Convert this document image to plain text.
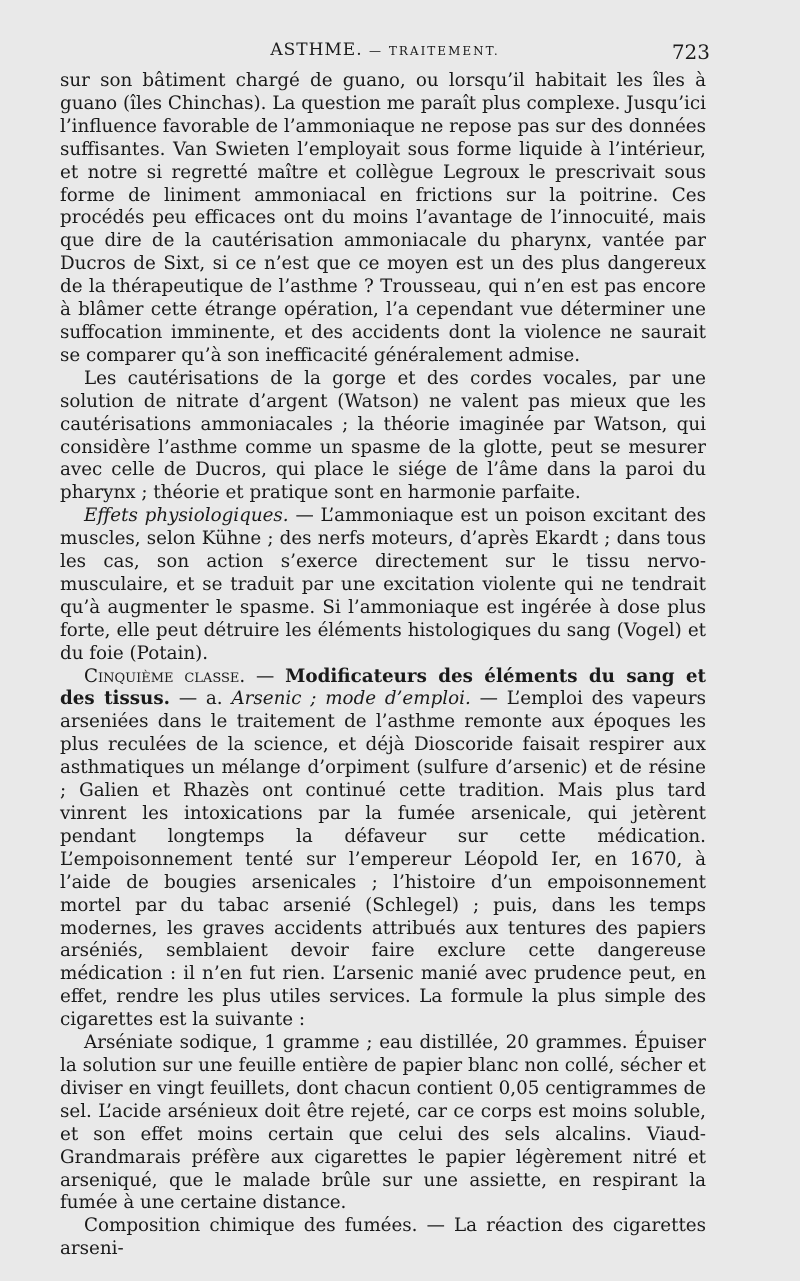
ASTHME. — TRAITEMENT.	723

sur son bâtiment chargé de guano, ou lorsqu’il habitait les îles à guano (îles Chinchas). La question me paraît plus complexe. Jusqu’ici l’influence favorable de l’ammoniaque ne repose pas sur des données suffisantes. Van Swieten l’employait sous forme liquide à l’intérieur, et notre si regretté maître et collègue Legroux le prescrivait sous forme de liniment ammoniacal en frictions sur la poitrine. Ces procédés peu efficaces ont du moins l’avantage de l’innocuité, mais que dire de la cautérisation ammoniacale du pharynx, vantée par Ducros de Sixt, si ce n’est que ce moyen est un des plus dangereux de la thérapeutique de l’asthme ? Trousseau, qui n’en est pas encore à blâmer cette étrange opération, l’a cependant vue déterminer une suffocation imminente, et des accidents dont la violence ne saurait se comparer qu’à son inefficacité généralement admise.

Les cautérisations de la gorge et des cordes vocales, par une solution de nitrate d’argent (Watson) ne valent pas mieux que les cautérisations ammoniacales ; la théorie imaginée par Watson, qui considère l’asthme comme un spasme de la glotte, peut se mesurer avec celle de Ducros, qui place le siége de l’âme dans la paroi du pharynx ; théorie et pratique sont en harmonie parfaite.

Effets physiologiques. — L’ammoniaque est un poison excitant des muscles, selon Kühne ; des nerfs moteurs, d’après Ekardt ; dans tous les cas, son action s’exerce directement sur le tissu nervo-musculaire, et se traduit par une excitation violente qui ne tendrait qu’à augmenter le spasme. Si l’ammoniaque est ingérée à dose plus forte, elle peut détruire les éléments histologiques du sang (Vogel) et du foie (Potain).

Cinquième classe. — Modificateurs des éléments du sang et des tissus. — a. Arsenic ; mode d’emploi. — L’emploi des vapeurs arseniées dans le traitement de l’asthme remonte aux époques les plus reculées de la science, et déjà Dioscoride faisait respirer aux asthmatiques un mélange d’orpiment (sulfure d’arsenic) et de résine ; Galien et Rhazès ont continué cette tradition. Mais plus tard vinrent les intoxications par la fumée arsenicale, qui jetèrent pendant longtemps la défaveur sur cette médication. L’empoisonnement tenté sur l’empereur Léopold Ier, en 1670, à l’aide de bougies arsenicales ; l’histoire d’un empoisonnement mortel par du tabac arsenié (Schlegel) ; puis, dans les temps modernes, les graves accidents attribués aux tentures des papiers arséniés, semblaient devoir faire exclure cette dangereuse médication : il n’en fut rien. L’arsenic manié avec prudence peut, en effet, rendre les plus utiles services. La formule la plus simple des cigarettes est la suivante :

Arséniate sodique, 1 gramme ; eau distillée, 20 grammes. Épuiser la solution sur une feuille entière de papier blanc non collé, sécher et diviser en vingt feuillets, dont chacun contient 0,05 centigrammes de sel. L’acide arsénieux doit être rejeté, car ce corps est moins soluble, et son effet moins certain que celui des sels alcalins. Viaud-Grandmarais préfère aux cigarettes le papier légèrement nitré et arseniqué, que le malade brûle sur une assiette, en respirant la fumée à une certaine distance.

Composition chimique des fumées. — La réaction des cigarettes arseni-
